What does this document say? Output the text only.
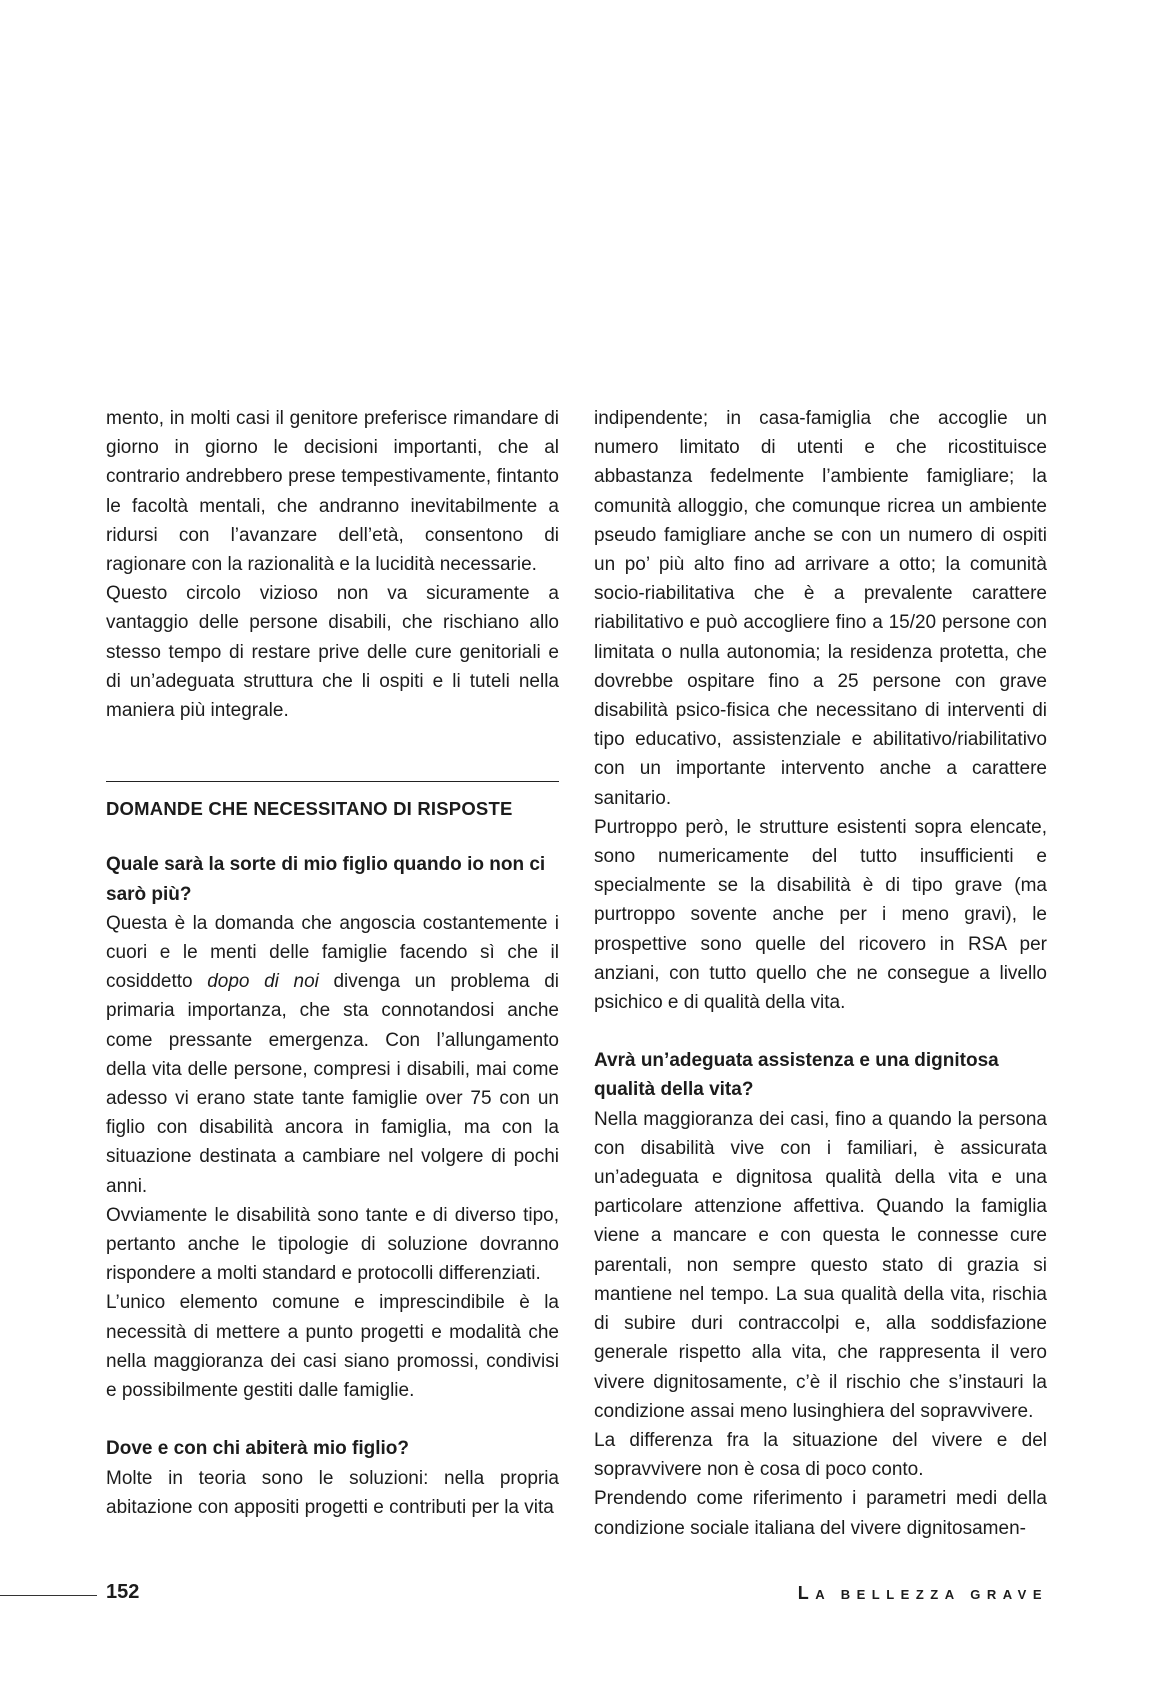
mento, in molti casi il genitore preferisce rimandare di giorno in giorno le decisioni importanti, che al contrario andrebbero prese tempestivamente, fintanto le facoltà mentali, che andranno inevitabilmente a ridursi con l’avanzare dell’età, consentono di ragionare con la razionalità e la lucidità necessarie.

Questo circolo vizioso non va sicuramente a vantaggio delle persone disabili, che rischiano allo stesso tempo di restare prive delle cure genitoriali e di un’adeguata struttura che li ospiti e li tuteli nella maniera più integrale.

DOMANDE CHE NECESSITANO DI RISPOSTE

Quale sarà la sorte di mio figlio quando io non ci sarò più?

Questa è la domanda che angoscia costantemente i cuori e le menti delle famiglie facendo sì che il cosiddetto dopo di noi divenga un problema di primaria importanza, che sta connotandosi anche come pressante emergenza. Con l’allungamento della vita delle persone, compresi i disabili, mai come adesso vi erano state tante famiglie over 75 con un figlio con disabilità ancora in famiglia, ma con la situazione destinata a cambiare nel volgere di pochi anni.

Ovviamente le disabilità sono tante e di diverso tipo, pertanto anche le tipologie di soluzione dovranno rispondere a molti standard e protocolli differenziati.

L’unico elemento comune e imprescindibile è la necessità di mettere a punto progetti e modalità che nella maggioranza dei casi siano promossi, condivisi e possibilmente gestiti dalle famiglie.

Dove e con chi abiterà mio figlio?

Molte in teoria sono le soluzioni: nella propria abitazione con appositi progetti e contributi per la vita

indipendente; in casa-famiglia che accoglie un numero limitato di utenti e che ricostituisce abbastanza fedelmente l’ambiente famigliare; la comunità alloggio, che comunque ricrea un ambiente pseudo famigliare anche se con un numero di ospiti un po’ più alto fino ad arrivare a otto; la comunità socio-riabilitativa che è a prevalente carattere riabilitativo e può accogliere fino a 15/20 persone con limitata o nulla autonomia; la residenza protetta, che dovrebbe ospitare fino a 25 persone con grave disabilità psico-fisica che necessitano di interventi di tipo educativo, assistenziale e abilitativo/riabilitativo con un importante intervento anche a carattere sanitario.

Purtroppo però, le strutture esistenti sopra elencate, sono numericamente del tutto insufficienti e specialmente se la disabilità è di tipo grave (ma purtroppo sovente anche per i meno gravi), le prospettive sono quelle del ricovero in RSA per anziani, con tutto quello che ne consegue a livello psichico e di qualità della vita.

Avrà un’adeguata assistenza e una dignitosa qualità della vita?

Nella maggioranza dei casi, fino a quando la persona con disabilità vive con i familiari, è assicurata un’adeguata e dignitosa qualità della vita e una particolare attenzione affettiva. Quando la famiglia viene a mancare e con questa le connesse cure parentali, non sempre questo stato di grazia si mantiene nel tempo. La sua qualità della vita, rischia di subire duri contraccolpi e, alla soddisfazione generale rispetto alla vita, che rappresenta il vero vivere dignitosamente, c’è il rischio che s’instauri la condizione assai meno lusinghiera del sopravvivere.

La differenza fra la situazione del vivere e del sopravvivere non è cosa di poco conto.

Prendendo come riferimento i parametri medi della condizione sociale italiana del vivere dignitosamen-

152	LA BELLEZZA GRAVE
